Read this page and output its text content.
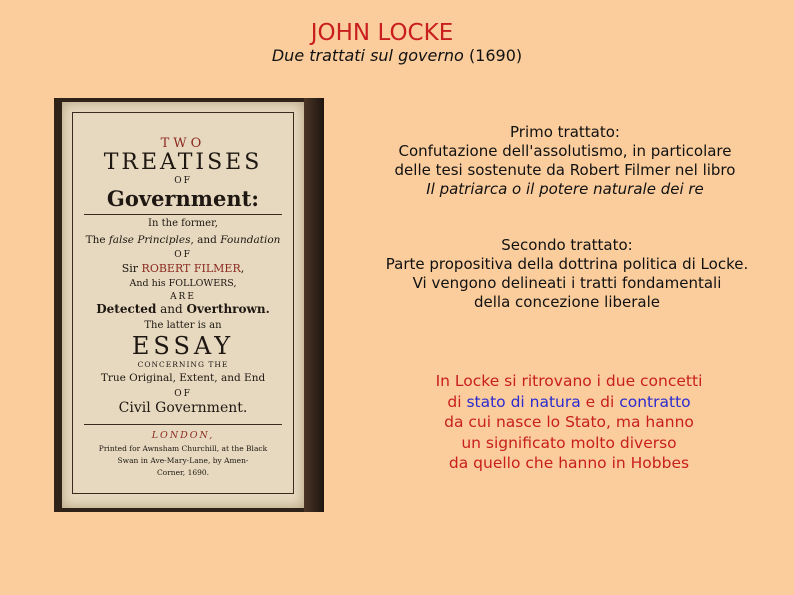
JOHN LOCKE
Due trattati sul governo (1690)
TWO
TREATISES
OF
Government:
In the former,
The false Principles, and Foundation
OF
Sir ROBERT FILMER,
And his FOLLOWERS,
ARE
Detected and Overthrown.
The latter is an
ESSAY
CONCERNING THE
True Original, Extent, and End
OF
Civil Government.
LONDON,
Printed for Awnsham Churchill, at the Black
Swan in Ave-Mary-Lane, by Amen-
Corner, 1690.
Primo trattato:
Confutazione dell'assolutismo, in particolare
delle tesi sostenute da Robert Filmer nel libro
Il patriarca o il potere naturale dei re
Secondo trattato:
Parte propositiva della dottrina politica di Locke.
Vi vengono delineati i tratti fondamentali
della concezione liberale
In Locke si ritrovano i due concetti
di stato di natura e di contratto
da cui nasce lo Stato, ma hanno
un significato molto diverso
da quello che hanno in Hobbes
